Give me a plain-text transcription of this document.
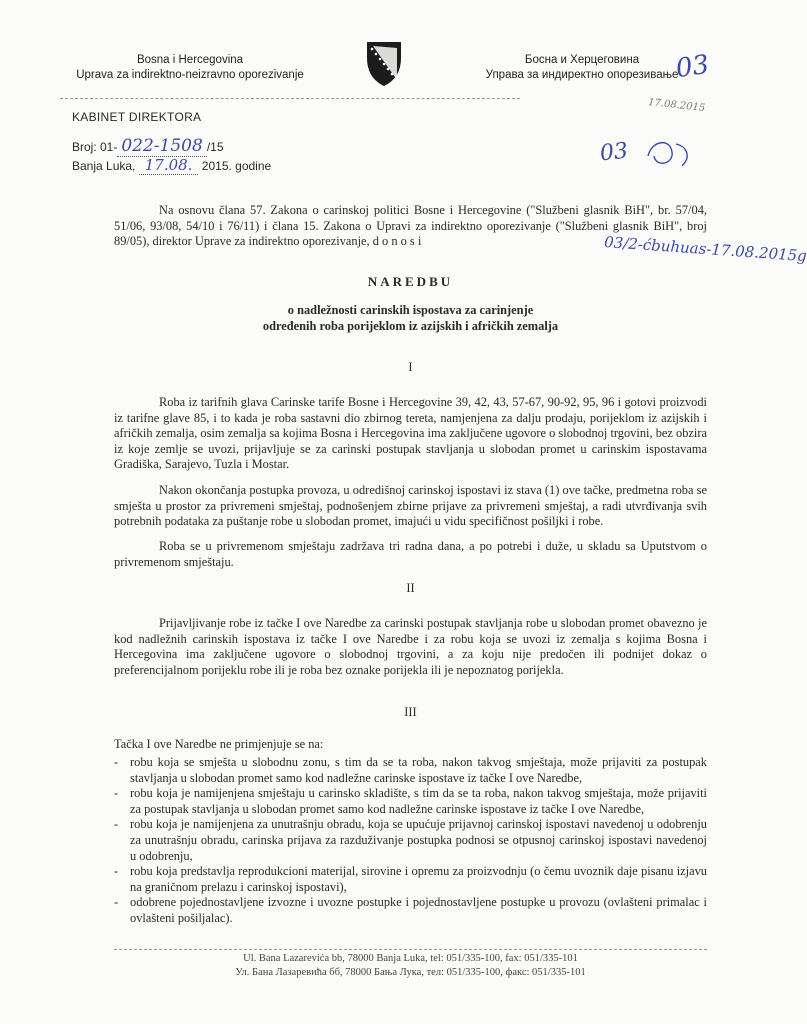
Bosna i Hercegovina
Uprava za indirektno-neizravno oporezivanje
Босна и Херцеговина
Управа за индиректно опорезивање
03
17.08.2015
03
KABINET DIREKTORA
Broj: 01- 022-1508 /15
Banja Luka, 17.08. 2015. godine
Na osnovu člana 57. Zakona o carinskoj politici Bosne i Hercegovine ("Službeni glasnik BiH", br. 57/04, 51/06, 93/08, 54/10 i 76/11) i člana 15. Zakona o Upravi za indirektno oporezivanje ("Službeni glasnik BiH", broj 89/05), direktor Uprave za indirektno oporezivanje, d o n o s i	03/2-ćbuhuas-17.08.2015g
NAREDBU
o nadležnosti carinskih ispostava za carinjenje
određenih roba porijeklom iz azijskih i afričkih zemalja
I
Roba iz tarifnih glava Carinske tarife Bosne i Hercegovine 39, 42, 43, 57-67, 90-92, 95, 96 i gotovi proizvodi iz tarifne glave 85, i to kada je roba sastavni dio zbirnog tereta, namjenjena za dalju prodaju, porijeklom iz azijskih i afričkih zemalja, osim zemalja sa kojima Bosna i Hercegovina ima zaključene ugovore o slobodnoj trgovini, bez obzira iz koje zemlje se uvozi, prijavljuje se za carinski postupak stavljanja u slobodan promet u carinskim ispostavama Gradiška, Sarajevo, Tuzla i Mostar.
Nakon okončanja postupka provoza, u odredišnoj carinskoj ispostavi iz stava (1) ove tačke, predmetna roba se smješta u prostor za privremeni smještaj, podnošenjem zbirne prijave za privremeni smještaj, a radi utvrđivanja svih potrebnih podataka za puštanje robe u slobodan promet, imajući u vidu specifičnost pošiljki i robe.
Roba se u privremenom smještaju zadržava tri radna dana, a po potrebi i duže, u skladu sa Uputstvom o privremenom smještaju.
II
Prijavljivanje robe iz tačke I ove Naredbe za carinski postupak stavljanja robe u slobodan promet obavezno je kod nadležnih carinskih ispostava iz tačke I ove Naredbe i za robu koja se uvozi iz zemalja s kojima Bosna i Hercegovina ima zaključene ugovore o slobodnoj trgovini, a za koju nije predočen ili podnijet dokaz o preferencijalnom porijeklu robe ili je roba bez oznake porijekla ili je nepoznatog porijekla.
III
Tačka I ove Naredbe ne primjenjuje se na:
- robu koja se smješta u slobodnu zonu, s tim da se ta roba, nakon takvog smještaja, može prijaviti za postupak stavljanja u slobodan promet samo kod nadležne carinske ispostave iz tačke I ove Naredbe,
- robu koja je namijenjena smještaju u carinsko skladište, s tim da se ta roba, nakon takvog smještaja, može prijaviti za postupak stavljanja u slobodan promet samo kod nadležne carinske ispostave iz tačke I ove Naredbe,
- robu koja je namijenjena za unutrašnju obradu, koja se upućuje prijavnoj carinskoj ispostavi navedenoj u odobrenju za unutrašnju obradu, carinska prijava za razduživanje postupka podnosi se otpusnoj carinskoj ispostavi navedenoj u odobrenju,
- robu koja predstavlja reprodukcioni materijal, sirovine i opremu za proizvodnju (o čemu uvoznik daje pisanu izjavu na graničnom prelazu i carinskoj ispostavi),
- odobrene pojednostavljene izvozne i uvozne postupke i pojednostavljene postupke u provozu (ovlašteni primalac i ovlašteni pošiljalac).
Ul. Bana Lazarevića bb, 78000 Banja Luka, tel: 051/335-100, fax: 051/335-101
Ул. Бана Лазаревића бб, 78000 Бања Лука, тел: 051/335-100, факс: 051/335-101
